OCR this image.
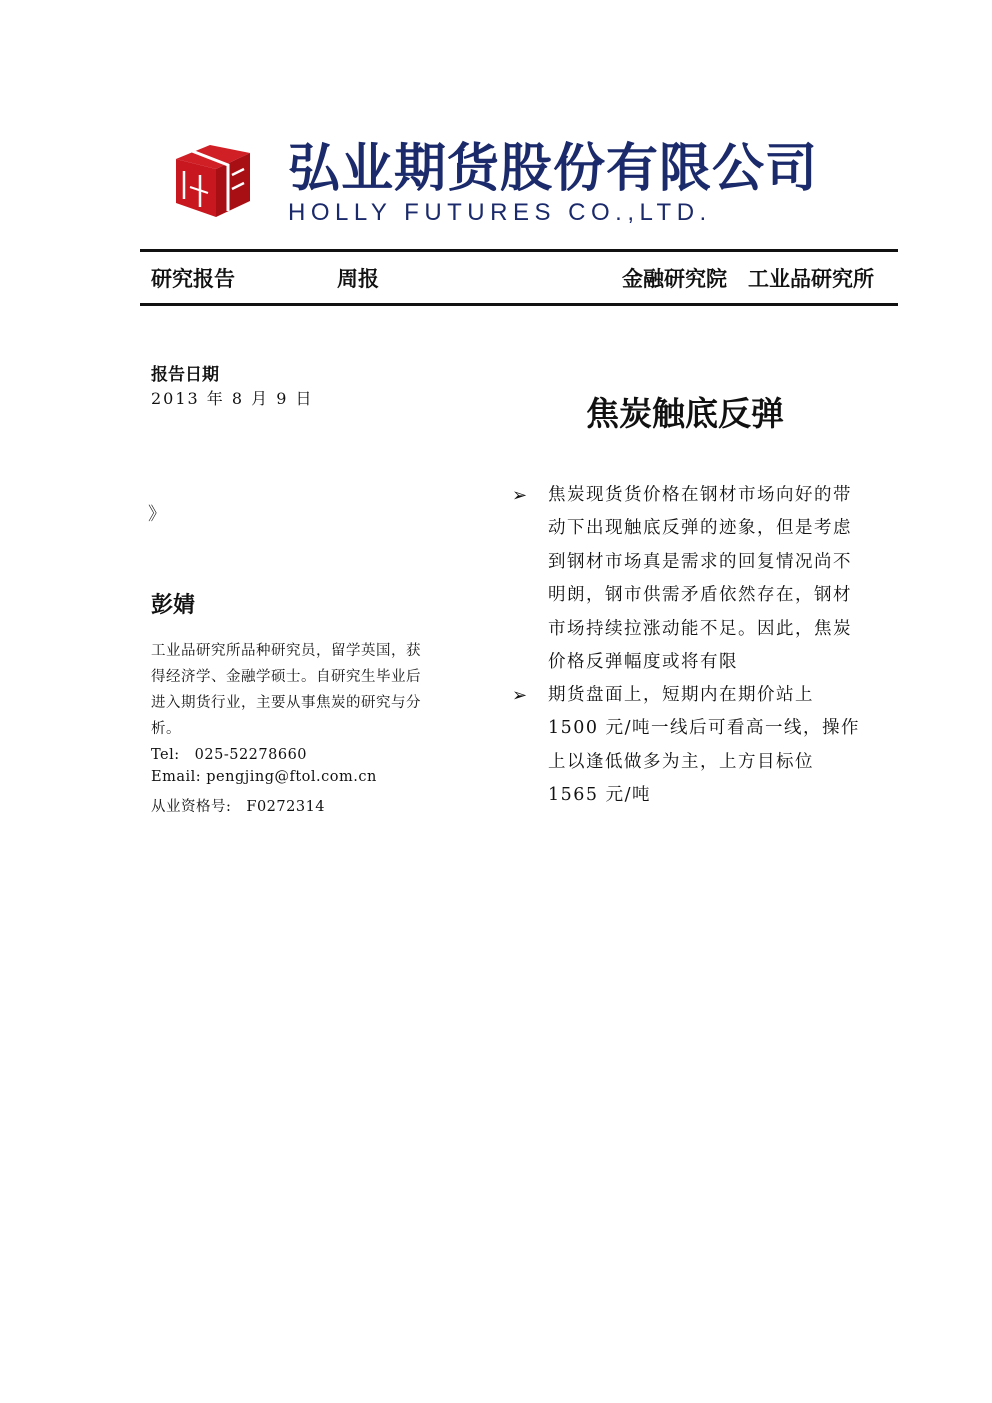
弘业期货股份有限公司
HOLLY FUTURES CO.,LTD.
研究报告	周报	金融研究院　工业品研究所
报告日期
2013 年 8 月 9 日
》
彭婧
工业品研究所品种研究员，留学英国，获得经济学、金融学硕士。自研究生毕业后进入期货行业，主要从事焦炭的研究与分析。
Tel:　025-52278660
Email: pengjing@ftol.com.cn
从业资格号:　F0272314
焦炭触底反弹
➢ 焦炭现货货价格在钢材市场向好的带动下出现触底反弹的迹象，但是考虑到钢材市场真是需求的回复情况尚不明朗，钢市供需矛盾依然存在，钢材市场持续拉涨动能不足。因此，焦炭价格反弹幅度或将有限
➢ 期货盘面上，短期内在期价站上 1500 元/吨一线后可看高一线，操作上以逢低做多为主，上方目标位 1565 元/吨
